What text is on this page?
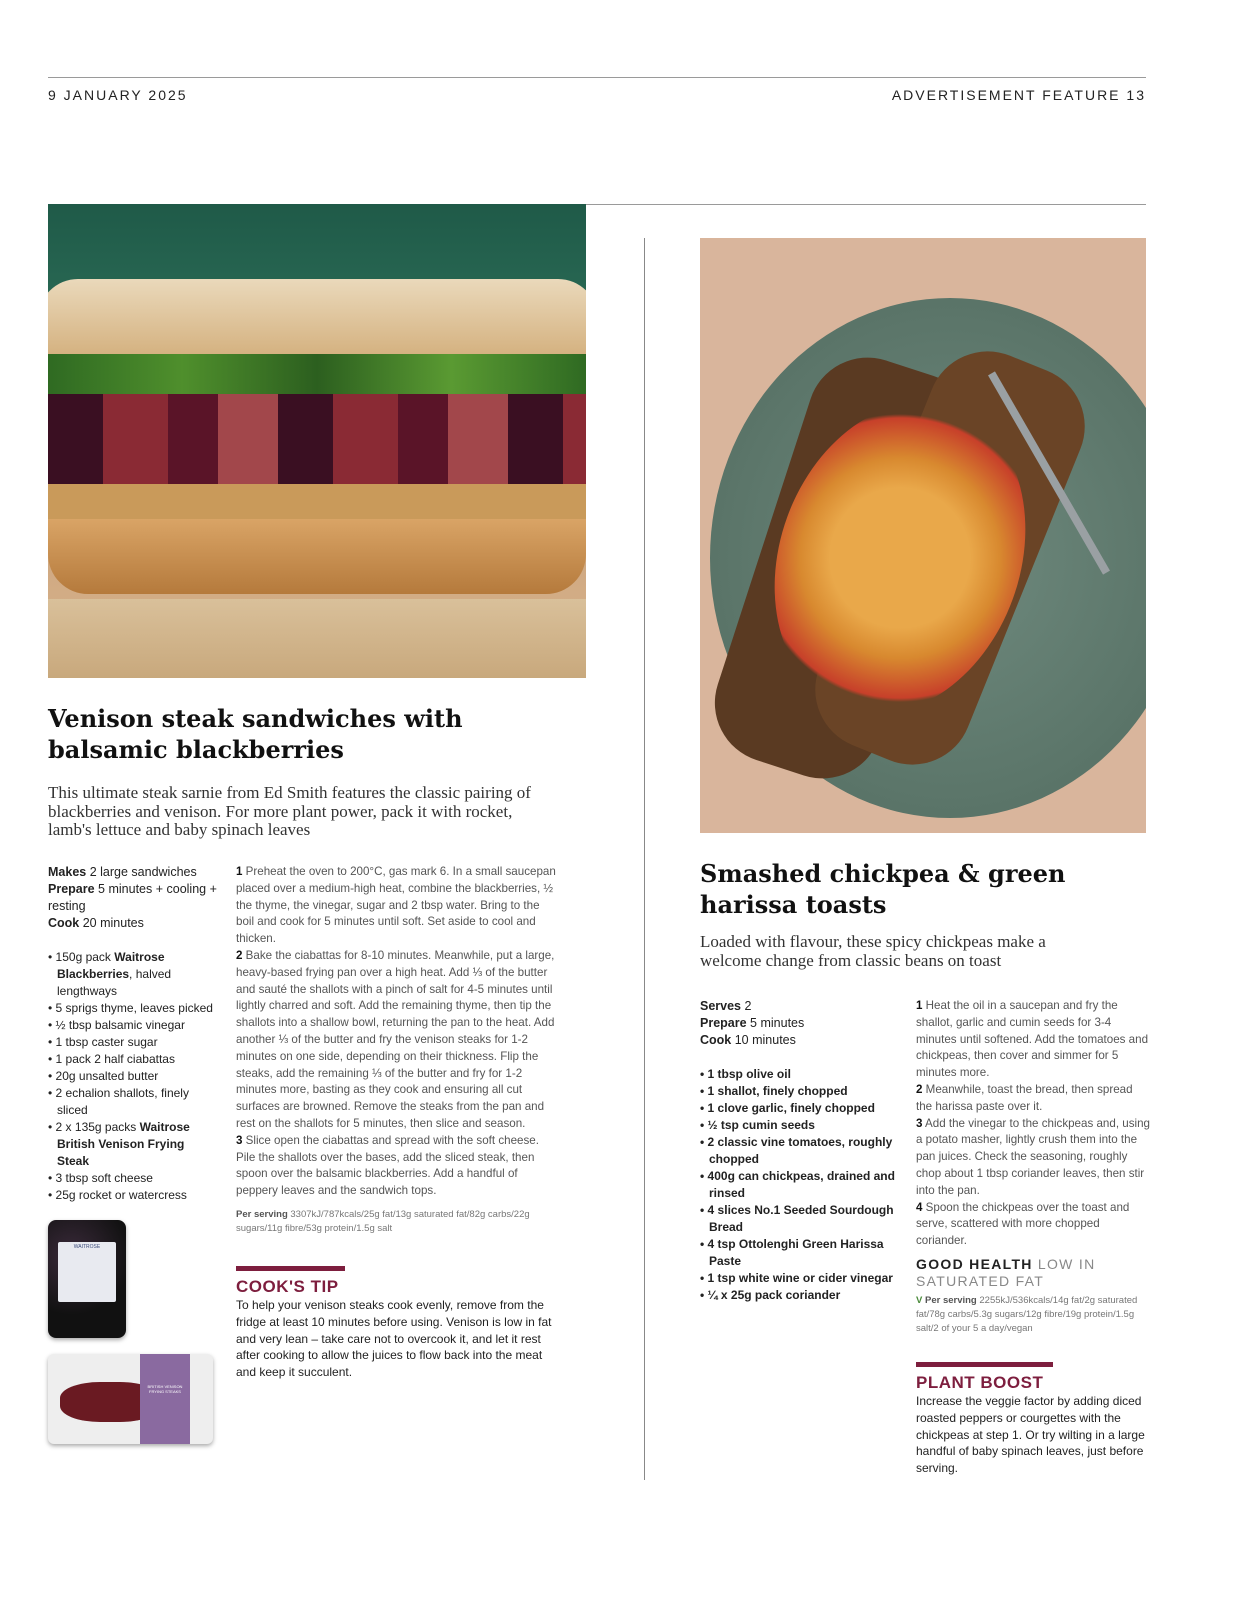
9 JANUARY 2025	ADVERTISEMENT FEATURE 13
Venison steak sandwiches with
balsamic blackberries

This ultimate steak sarnie from Ed Smith features the classic pairing of blackberries and venison. For more plant power, pack it with rocket, lamb's lettuce and baby spinach leaves

Makes 2 large sandwiches
Prepare 5 minutes + cooling + resting
Cook 20 minutes
• 150g pack Waitrose Blackberries, halved lengthways
• 5 sprigs thyme, leaves picked
• ½ tbsp balsamic vinegar
• 1 tbsp caster sugar
• 1 pack 2 half ciabattas
• 20g unsalted butter
• 2 echalion shallots, finely sliced
• 2 x 135g packs Waitrose British Venison Frying Steak
• 3 tbsp soft cheese
• 25g rocket or watercress
WAITROSE
BRITISH VENISON FRYING STEAKS

1 Preheat the oven to 200°C, gas mark 6. In a small saucepan placed over a medium-high heat, combine the blackberries, ½ the thyme, the vinegar, sugar and 2 tbsp water. Bring to the boil and cook for 5 minutes until soft. Set aside to cool and thicken.

2 Bake the ciabattas for 8-10 minutes. Meanwhile, put a large, heavy-based frying pan over a high heat. Add ⅓ of the butter and sauté the shallots with a pinch of salt for 4-5 minutes until lightly charred and soft. Add the remaining thyme, then tip the shallots into a shallow bowl, returning the pan to the heat. Add another ⅓ of the butter and fry the venison steaks for 1-2 minutes on one side, depending on their thickness. Flip the steaks, add the remaining ⅓ of the butter and fry for 1-2 minutes more, basting as they cook and ensuring all cut surfaces are browned. Remove the steaks from the pan and rest on the shallots for 5 minutes, then slice and season.

3 Slice open the ciabattas and spread with the soft cheese. Pile the shallots over the bases, add the sliced steak, then spoon over the balsamic blackberries. Add a handful of peppery leaves and the sandwich tops.

Per serving 3307kJ/787kcals/25g fat/13g saturated fat/82g carbs/22g sugars/11g fibre/53g protein/1.5g salt

COOK'S TIP

To help your venison steaks cook evenly, remove from the fridge at least 10 minutes before using. Venison is low in fat and very lean – take care not to overcook it, and let it rest after cooking to allow the juices to flow back into the meat and keep it succulent.

Smashed chickpea & green
harissa toasts

Loaded with flavour, these spicy chickpeas make a welcome change from classic beans on toast

Serves 2
Prepare 5 minutes
Cook 10 minutes
• 1 tbsp olive oil
• 1 shallot, finely chopped
• 1 clove garlic, finely chopped
• ½ tsp cumin seeds
• 2 classic vine tomatoes, roughly chopped
• 400g can chickpeas, drained and rinsed
• 4 slices No.1 Seeded Sourdough Bread
• 4 tsp Ottolenghi Green Harissa Paste
• 1 tsp white wine or cider vinegar
• ¼ x 25g pack coriander

1 Heat the oil in a saucepan and fry the shallot, garlic and cumin seeds for 3-4 minutes until softened. Add the tomatoes and chickpeas, then cover and simmer for 5 minutes more.

2 Meanwhile, toast the bread, then spread the harissa paste over it.

3 Add the vinegar to the chickpeas and, using a potato masher, lightly crush them into the pan juices. Check the seasoning, roughly chop about 1 tbsp coriander leaves, then stir into the pan.

4 Spoon the chickpeas over the toast and serve, scattered with more chopped coriander.

GOOD HEALTH LOW IN SATURATED FAT

V Per serving 2255kJ/536kcals/14g fat/2g saturated fat/78g carbs/5.3g sugars/12g fibre/19g protein/1.5g salt/2 of your 5 a day/vegan

PLANT BOOST

Increase the veggie factor by adding diced roasted peppers or courgettes with the chickpeas at step 1. Or try wilting in a large handful of baby spinach leaves, just before serving.
